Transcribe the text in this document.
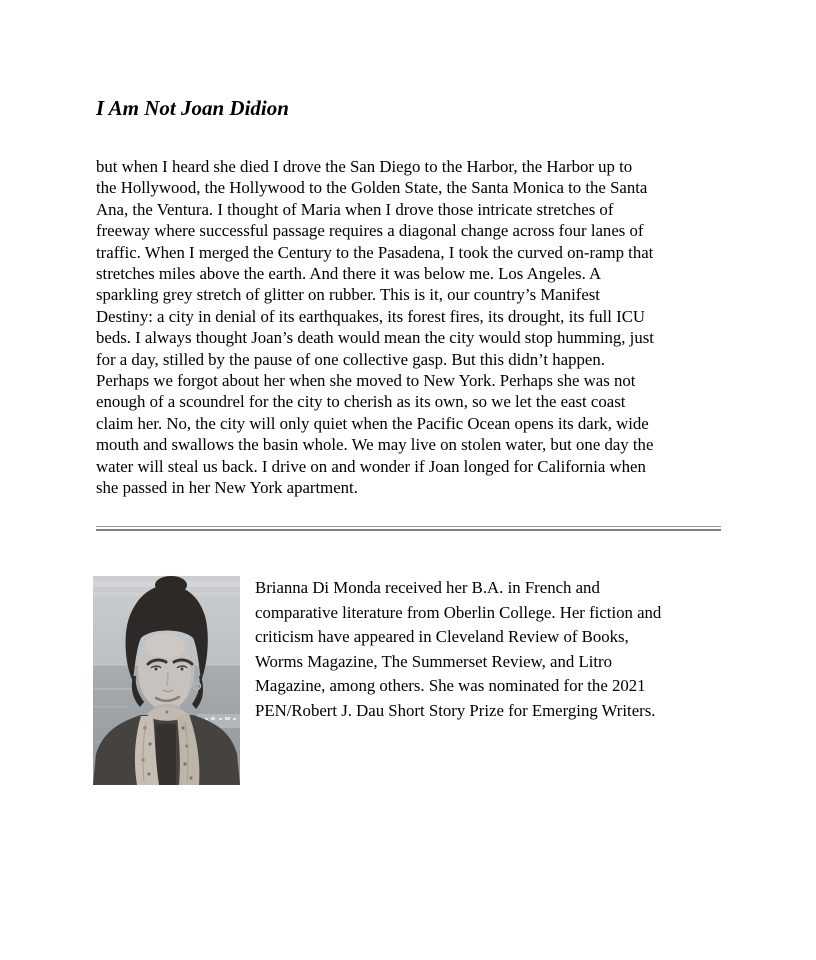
I Am Not Joan Didion
but when I heard she died I drove the San Diego to the Harbor, the Harbor up to
the Hollywood, the Hollywood to the Golden State, the Santa Monica to the Santa
Ana, the Ventura. I thought of Maria when I drove those intricate stretches of
freeway where successful passage requires a diagonal change across four lanes of
traffic. When I merged the Century to the Pasadena, I took the curved on-ramp that
stretches miles above the earth. And there it was below me. Los Angeles. A
sparkling grey stretch of glitter on rubber. This is it, our country’s Manifest
Destiny: a city in denial of its earthquakes, its forest fires, its drought, its full ICU
beds. I always thought Joan’s death would mean the city would stop humming, just
for a day, stilled by the pause of one collective gasp. But this didn’t happen.
Perhaps we forgot about her when she moved to New York. Perhaps she was not
enough of a scoundrel for the city to cherish as its own, so we let the east coast
claim her. No, the city will only quiet when the Pacific Ocean opens its dark, wide
mouth and swallows the basin whole. We may live on stolen water, but one day the
water will steal us back. I drive on and wonder if Joan longed for California when
she passed in her New York apartment.
Brianna Di Monda received her B.A. in French and
comparative literature from Oberlin College. Her fiction and
criticism have appeared in Cleveland Review of Books,
Worms Magazine, The Summerset Review, and Litro
Magazine, among others. She was nominated for the 2021
PEN/Robert J. Dau Short Story Prize for Emerging Writers.
